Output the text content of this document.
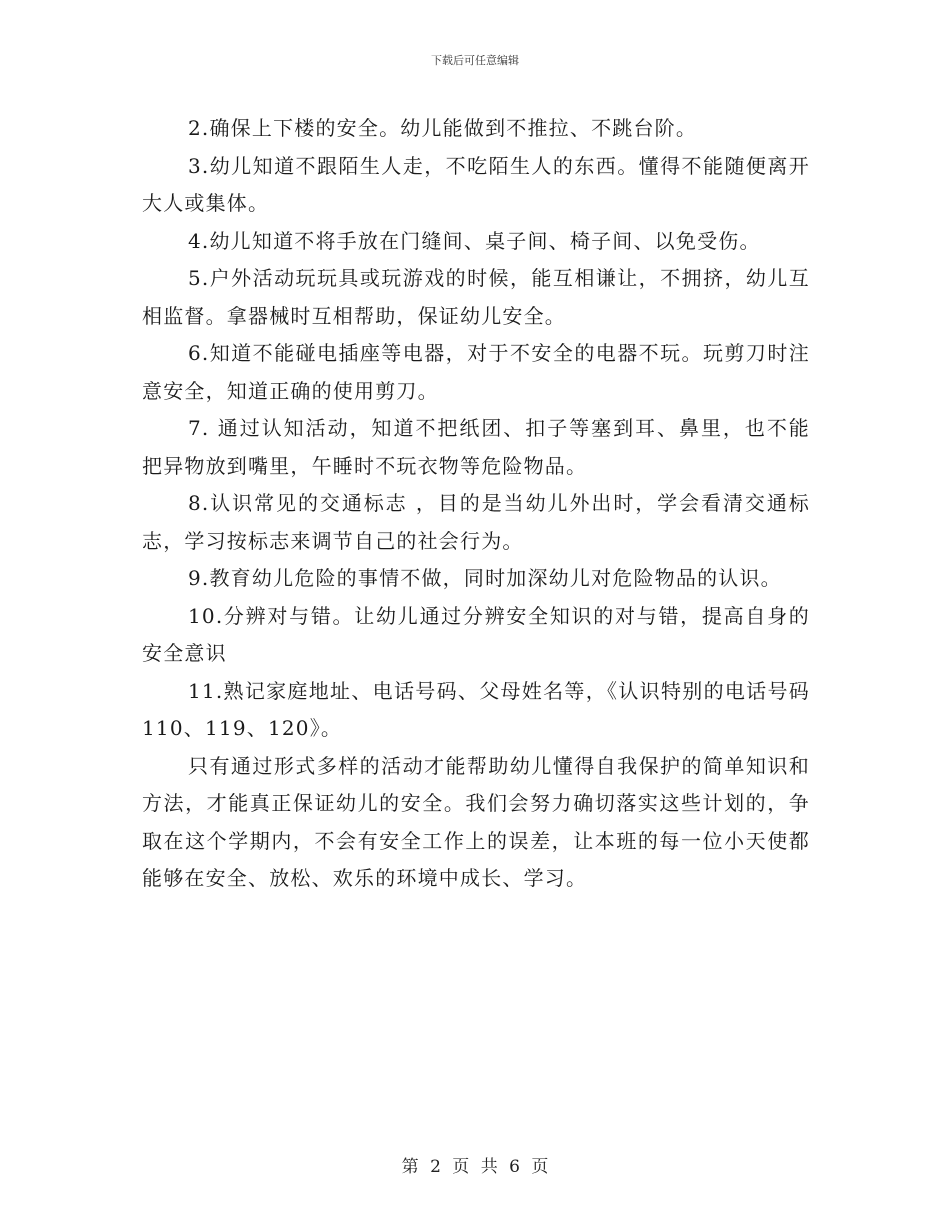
下载后可任意编辑

2.确保上下楼的安全。幼儿能做到不推拉、不跳台阶。

3.幼儿知道不跟陌生人走，不吃陌生人的东西。懂得不能随便离开大人或集体。

4.幼儿知道不将手放在门缝间、桌子间、椅子间、以免受伤。

5.户外活动玩玩具或玩游戏的时候，能互相谦让，不拥挤，幼儿互相监督。拿器械时互相帮助，保证幼儿安全。

6.知道不能碰电插座等电器，对于不安全的电器不玩。玩剪刀时注意安全，知道正确的使用剪刀。

7. 通过认知活动，知道不把纸团、扣子等塞到耳、鼻里，也不能把异物放到嘴里，午睡时不玩衣物等危险物品。

8.认识常见的交通标志 ，目的是当幼儿外出时，学会看清交通标志，学习按标志来调节自己的社会行为。

9.教育幼儿危险的事情不做，同时加深幼儿对危险物品的认识。

10.分辨对与错。让幼儿通过分辨安全知识的对与错，提高自身的安全意识

11.熟记家庭地址、电话号码、父母姓名等，《认识特别的电话号码110、119、120》。

只有通过形式多样的活动才能帮助幼儿懂得自我保护的简单知识和方法，才能真正保证幼儿的安全。我们会努力确切落实这些计划的，争取在这个学期内，不会有安全工作上的误差，让本班的每一位小天使都能够在安全、放松、欢乐的环境中成长、学习。

第 2 页 共 6 页
